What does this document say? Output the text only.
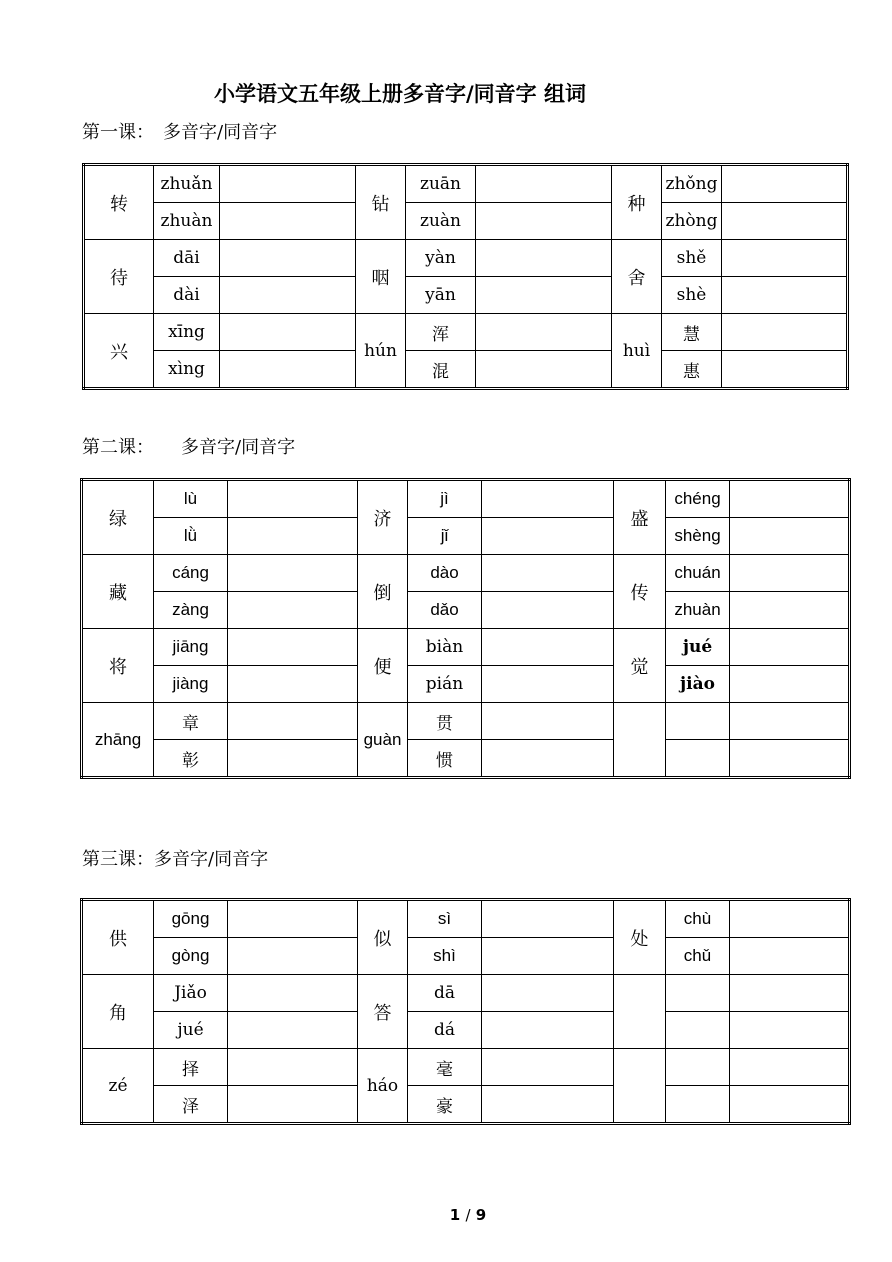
小学语文五年级上册多音字/同音字 组词
第一课：　多音字/同音字
转	zhuǎn		钻	zuān		种	zhǒng	
	zhuàn			zuàn			zhòng	
待	dāi		咽	yàn		舍	shě	
	dài			yān			shè	
兴	xīng		hún	浑		huì	慧	
	xìng			混			惠	
第二课：　　多音字/同音字
绿	lù		济	jì		盛	chéng	
	lǜ			jǐ			shèng	
藏	cáng		倒	dào		传	chuán	
	zàng			dǎo			zhuàn	
将	jiāng		便	biàn		觉	jué	
	jiàng			pián			jiào	
zhāng	章		guàn	贯				
	彰			惯				
第三课：多音字/同音字
供	gōng		似	sì		处	chù	
	gòng			shì			chǔ	
角	Jiǎo		答	dā				
	jué			dá				
zé	择		háo	毫				
	泽			豪				
1 / 9
